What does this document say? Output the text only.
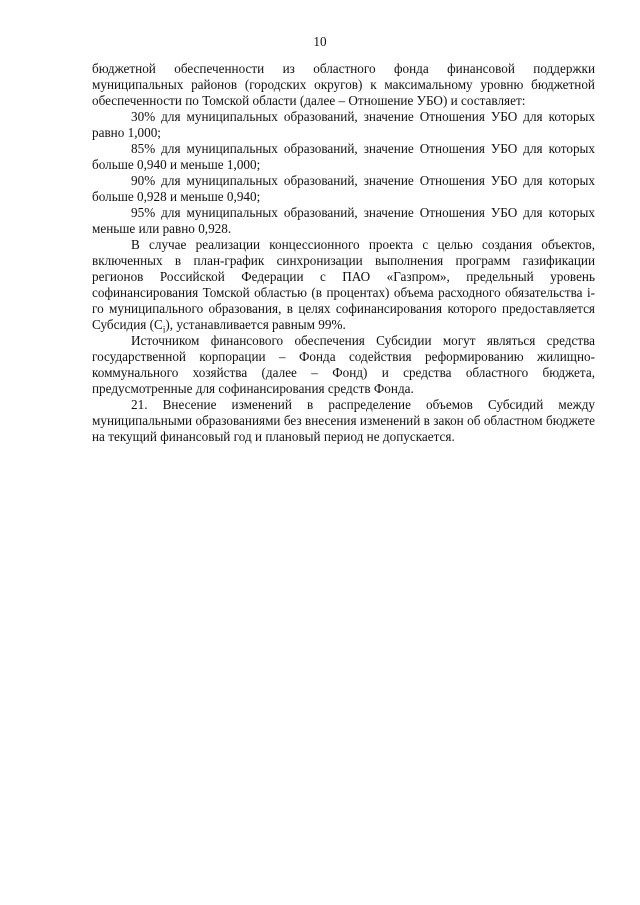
10

бюджетной обеспеченности из областного фонда финансовой поддержки муниципальных районов (городских округов) к максимальному уровню бюджетной обеспеченности по Томской области (далее – Отношение УБО) и составляет:

30% для муниципальных образований, значение Отношения УБО для которых равно 1,000;

85% для муниципальных образований, значение Отношения УБО для которых больше 0,940 и меньше 1,000;

90% для муниципальных образований, значение Отношения УБО для которых больше 0,928 и меньше 0,940;

95% для муниципальных образований, значение Отношения УБО для которых меньше или равно 0,928.

В случае реализации концессионного проекта с целью создания объектов, включенных в план-график синхронизации выполнения программ газификации регионов Российской Федерации с ПАО «Газпром», предельный уровень софинансирования Томской областью (в процентах) объема расходного обязательства i-го муниципального образования, в целях софинансирования которого предоставляется Субсидия $(C_i)$, устанавливается равным 99%.

Источником финансового обеспечения Субсидии могут являться средства государственной корпорации – Фонда содействия реформированию жилищно-коммунального хозяйства (далее – Фонд) и средства областного бюджета, предусмотренные для софинансирования средств Фонда.

21. Внесение изменений в распределение объемов Субсидий между муниципальными образованиями без внесения изменений в закон об областном бюджете на текущий финансовый год и плановый период не допускается.
